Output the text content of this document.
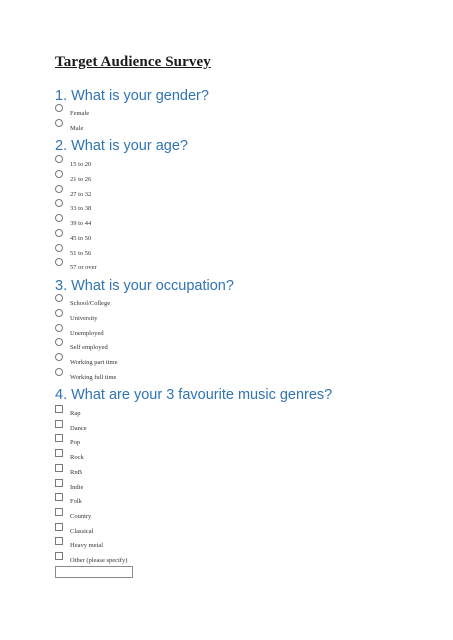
Target Audience Survey
1. What is your gender?
Female
Male
2. What is your age?
15 to 20
21 to 26
27 to 32
33 to 38
39 to 44
45 to 50
51 to 56
57 or over
3. What is your occupation?
School/College
University
Unemployed
Self employed
Working part time
Working full time
4. What are your 3 favourite music genres?
Rap
Dance
Pop
Rock
RnB
Indie
Folk
Country
Classical
Heavy metal
Other (please specify)
